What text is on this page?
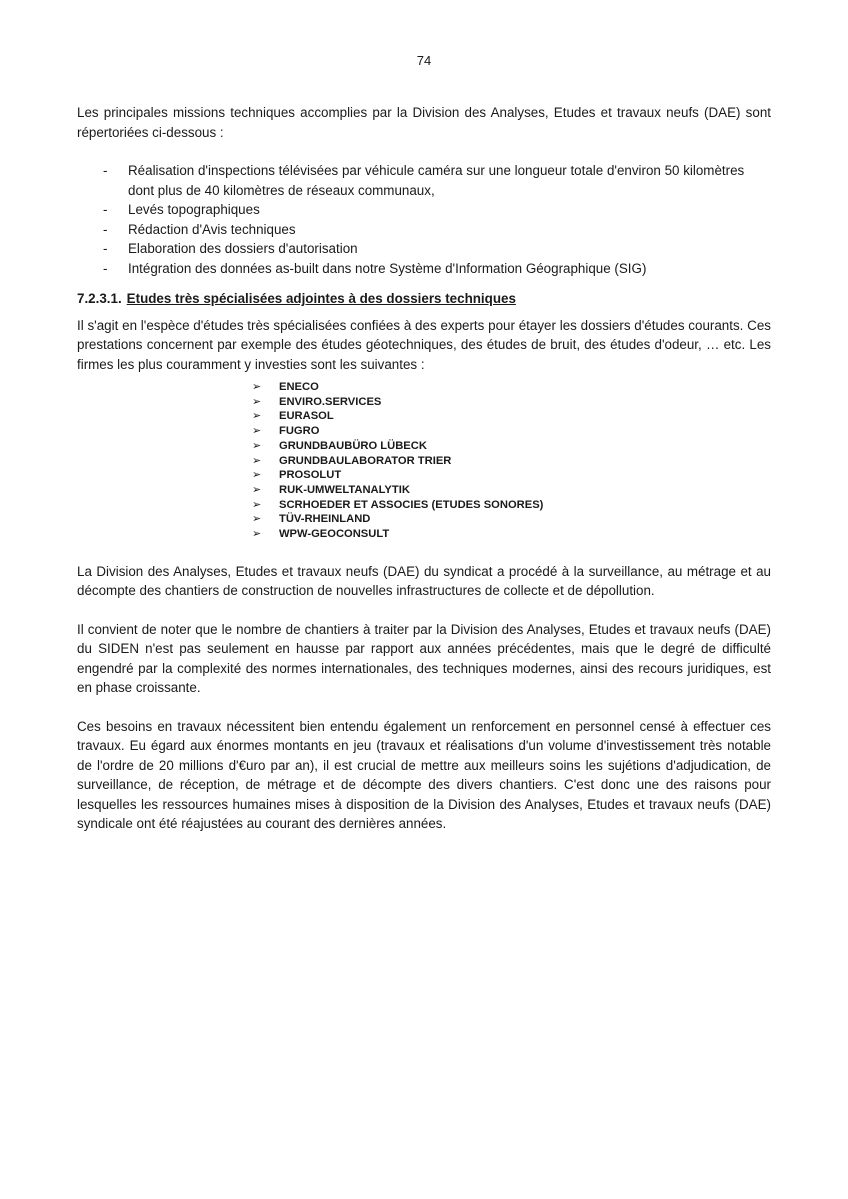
74

Les principales missions techniques accomplies par la Division des Analyses, Etudes et travaux neufs (DAE) sont répertoriées ci-dessous :

- Réalisation d'inspections télévisées par véhicule caméra sur une longueur totale d'environ 50 kilomètres dont plus de 40 kilomètres de réseaux communaux,
- Levés topographiques
- Rédaction d'Avis techniques
- Elaboration des dossiers d'autorisation
- Intégration des données as-built dans notre Système d'Information Géographique (SIG)
7.2.3.1. Etudes très spécialisées adjointes à des dossiers techniques

Il s'agit en l'espèce d'études très spécialisées confiées à des experts pour étayer les dossiers d'études courants. Ces prestations concernent par exemple des études géotechniques, des études de bruit, des études d'odeur, … etc. Les firmes les plus couramment y investies sont les suivantes :

➢ ENECO
➢ ENVIRO.SERVICES
➢ EURASOL
➢ FUGRO
➢ GRUNDBAUBÜRO LÜBECK
➢ GRUNDBAULABORATOR TRIER
➢ PROSOLUT
➢ RUK-UMWELTANALYTIK
➢ SCRHOEDER ET ASSOCIES (ETUDES SONORES)
➢ TÜV-RHEINLAND
➢ WPW-GEOCONSULT

La Division des Analyses, Etudes et travaux neufs (DAE) du syndicat a procédé à la surveillance, au métrage et au décompte des chantiers de construction de nouvelles infrastructures de collecte et de dépollution.

Il convient de noter que le nombre de chantiers à traiter par la Division des Analyses, Etudes et travaux neufs (DAE) du SIDEN n'est pas seulement en hausse par rapport aux années précédentes, mais que le degré de difficulté engendré par la complexité des normes internationales, des techniques modernes, ainsi des recours juridiques, est en phase croissante.

Ces besoins en travaux nécessitent bien entendu également un renforcement en personnel censé à effectuer ces travaux. Eu égard aux énormes montants en jeu (travaux et réalisations d'un volume d'investissement très notable de l'ordre de 20 millions d'€uro par an), il est crucial de mettre aux meilleurs soins les sujétions d'adjudication, de surveillance, de réception, de métrage et de décompte des divers chantiers. C'est donc une des raisons pour lesquelles les ressources humaines mises à disposition de la Division des Analyses, Etudes et travaux neufs (DAE) syndicale ont été réajustées au courant des dernières années.
